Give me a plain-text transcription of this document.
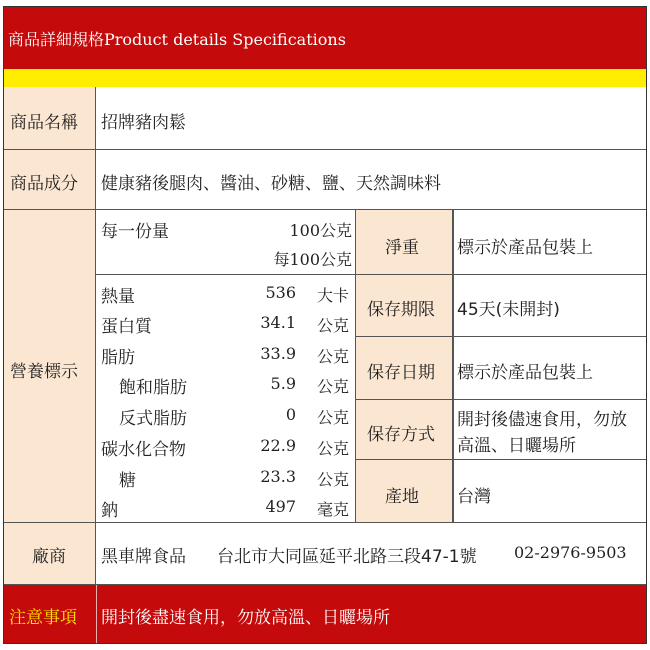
商品詳細規格Product details Specifications
商品名稱 招牌豬肉鬆
商品成分 健康豬後腿肉、醬油、砂糖、鹽、天然調味料
營養標示
每一份量	100公克
每100公克
熱量	536 大卡
蛋白質	34.1 公克
脂肪	33.9 公克
飽和脂肪	5.9 公克
反式脂肪	0 公克
碳水化合物	22.9 公克
糖	23.3 公克
鈉	497 毫克
淨重 標示於產品包裝上
保存期限 45天(未開封)
保存日期 標示於產品包裝上
保存方式
開封後儘速食用，勿放
高溫、日曬場所
產地 台灣
廠商 黑車牌食品 台北市大同區延平北路三段47-1號 02-2976-9503
注意事項 開封後盡速食用，勿放高溫、日曬場所
